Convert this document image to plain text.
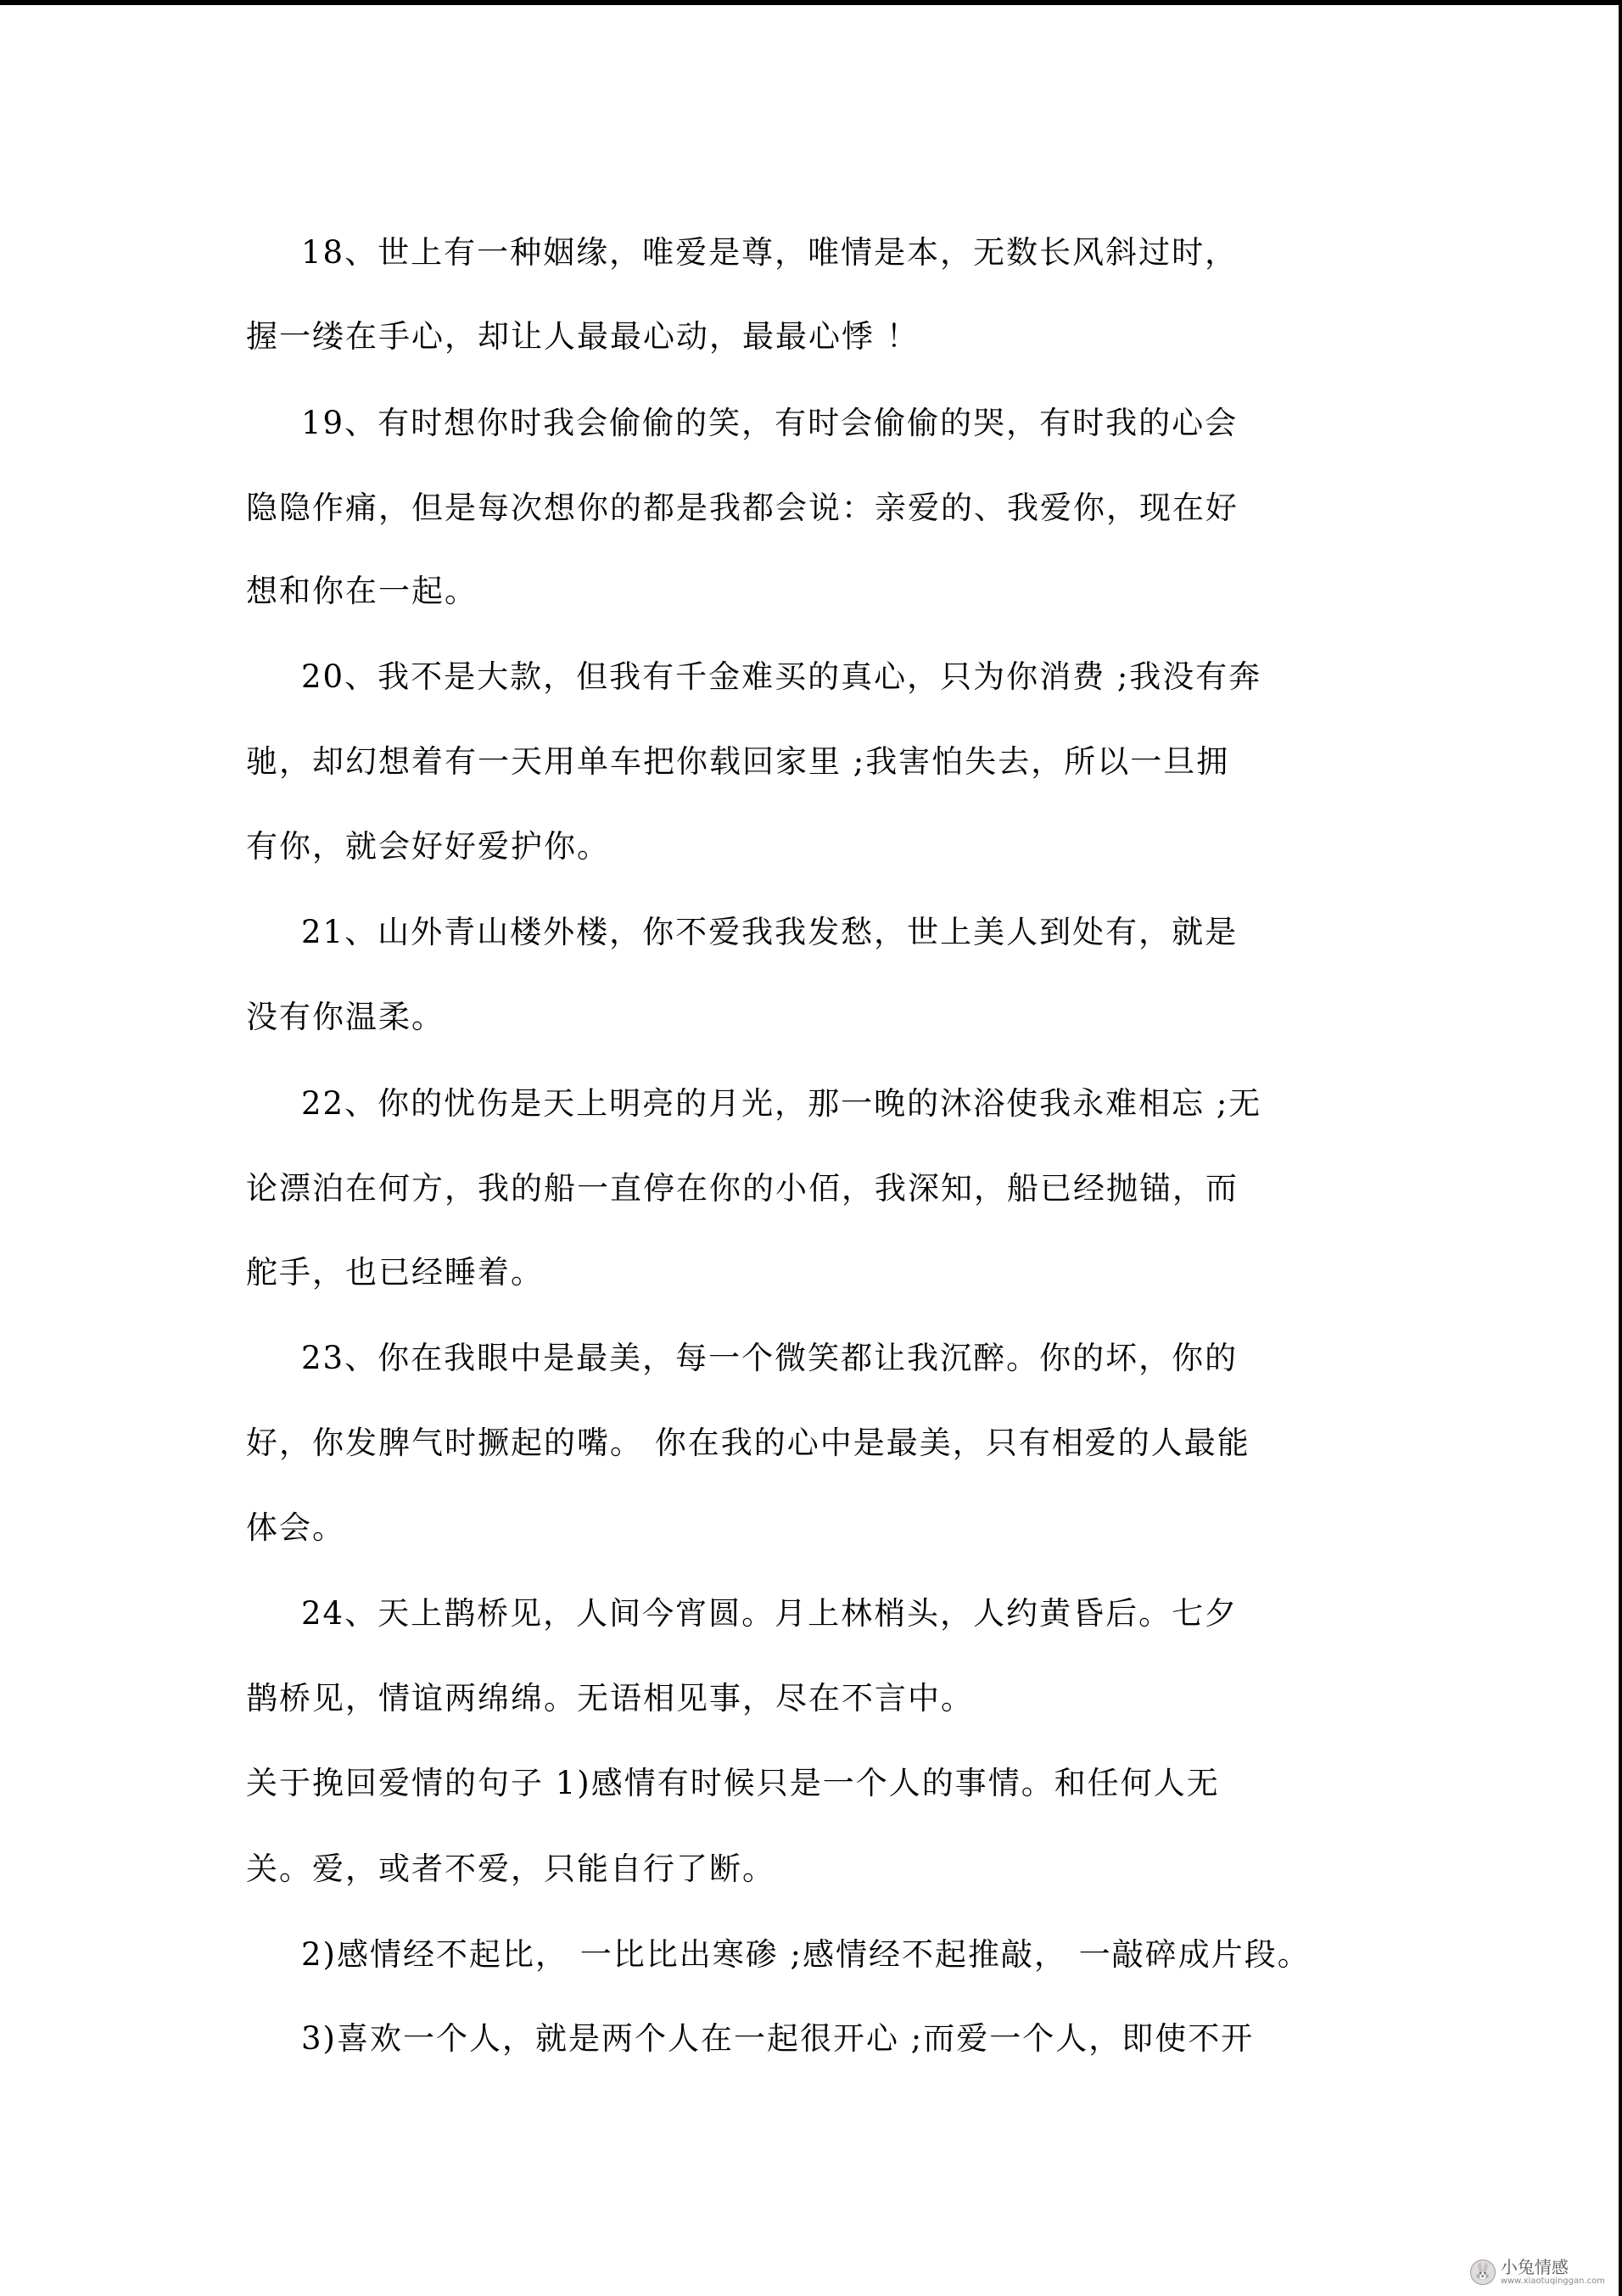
18、世上有一种姻缘，唯爱是尊，唯情是本，无数长风斜过时，
握一缕在手心，却让人最最心动，最最心悸 ！
19、有时想你时我会偷偷的笑，有时会偷偷的哭，有时我的心会
隐隐作痛，但是每次想你的都是我都会说：亲爱的、我爱你，现在好
想和你在一起。
20、我不是大款，但我有千金难买的真心，只为你消费 ;我没有奔
驰，却幻想着有一天用单车把你载回家里 ;我害怕失去，所以一旦拥
有你，就会好好爱护你。
21、山外青山楼外楼，你不爱我我发愁，世上美人到处有，就是
没有你温柔。
22、你的忧伤是天上明亮的月光，那一晚的沐浴使我永难相忘 ;无
论漂泊在何方，我的船一直停在你的小佰，我深知，船已经抛锚，而
舵手，也已经睡着。
23、你在我眼中是最美，每一个微笑都让我沉醉。你的坏，你的
好，你发脾气时撅起的嘴。 你在我的心中是最美，只有相爱的人最能
体会。
24、天上鹊桥见，人间今宵圆。月上林梢头，人约黄昏后。七夕
鹊桥见，情谊两绵绵。无语相见事，尽在不言中。
关于挽回爱情的句子 1)感情有时候只是一个人的事情。和任何人无
关。爱，或者不爱，只能自行了断。
2)感情经不起比， 一比比出寒碜 ;感情经不起推敲， 一敲碎成片段。
3)喜欢一个人，就是两个人在一起很开心 ;而爱一个人，即使不开
🐰 小兔情感
www.xiaotuqinggan.com
